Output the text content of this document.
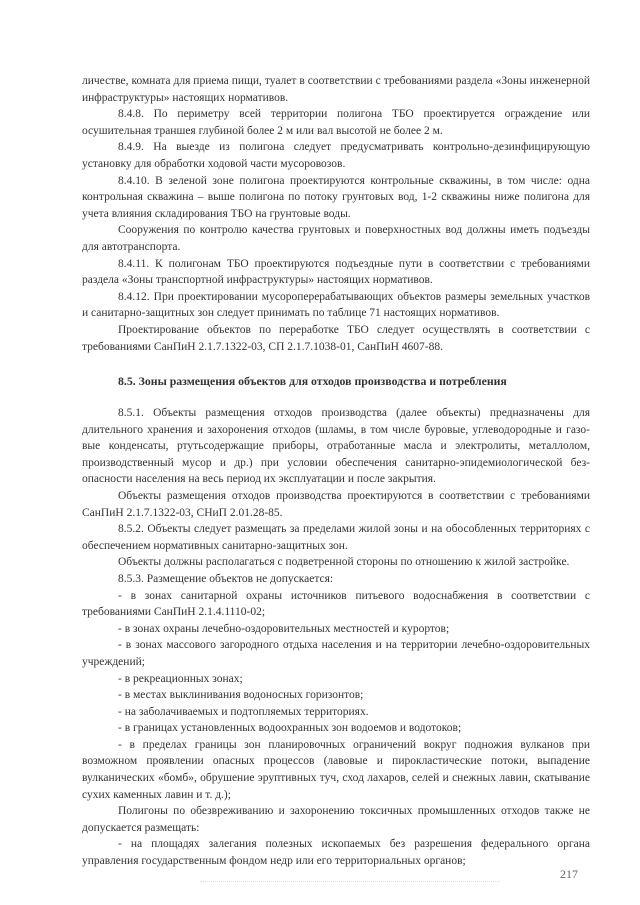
личестве, комната для приема пищи, туалет в соответствии с требованиями раздела «Зоны инженерной инфраструктуры» настоящих нормативов.

8.4.8. По периметру всей территории полигона ТБО проектируется ограждение или осушительная траншея глубиной более 2 м или вал высотой не более 2 м.

8.4.9. На выезде из полигона следует предусматривать контрольно-дезинфицирующую установку для обработки ходовой части мусоровозов.

8.4.10. В зеленой зоне полигона проектируются контрольные скважины, в том числе: одна контрольная скважина – выше полигона по потоку грунтовых вод, 1-2 скважины ниже полигона для учета влияния складирования ТБО на грунтовые воды.

Сооружения по контролю качества грунтовых и поверхностных вод должны иметь подъезды для автотранспорта.

8.4.11. К полигонам ТБО проектируются подъездные пути в соответствии с требованиями раздела «Зоны транспортной инфраструктуры» настоящих нормативов.

8.4.12. При проектировании мусороперерабатывающих объектов размеры земельных участков и санитарно-защитных зон следует принимать по таблице 71 настоящих нормативов.

Проектирование объектов по переработке ТБО следует осуществлять в соответствии с требованиями СанПиН 2.1.7.1322-03, СП 2.1.7.1038-01, СанПиН 4607-88.

8.5. Зоны размещения объектов для отходов производства и потребления

8.5.1. Объекты размещения отходов производства (далее объекты) предназначены для длительного хранения и захоронения отходов (шламы, в том числе буровые, углеводородные и газо-вые конденсаты, ртутьсодержащие приборы, отработанные масла и электролиты, металлолом, производственный мусор и др.) при условии обеспечения санитарно-эпидемиологической без-опасности населения на весь период их эксплуатации и после закрытия.

Объекты размещения отходов производства проектируются в соответствии с требованиями СанПиН 2.1.7.1322-03, СНиП 2.01.28-85.

8.5.2. Объекты следует размещать за пределами жилой зоны и на обособленных территориях с обеспечением нормативных санитарно-защитных зон.

Объекты должны располагаться с подветренной стороны по отношению к жилой застройке.

8.5.3. Размещение объектов не допускается:

- в зонах санитарной охраны источников питьевого водоснабжения в соответствии с требованиями СанПиН 2.1.4.1110-02;

- в зонах охраны лечебно-оздоровительных местностей и курортов;

- в зонах массового загородного отдыха населения и на территории лечебно-оздоровительных учреждений;

- в рекреационных зонах;

- в местах выклинивания водоносных горизонтов;

- на заболачиваемых и подтопляемых территориях.

- в границах установленных водоохранных зон водоемов и водотоков;

- в пределах границы зон планировочных ограничений вокруг подножия вулканов при возможном проявлении опасных процессов (лавовые и пирокластические потоки, выпадение вулканических «бомб», обрушение эруптивных туч, сход лахаров, селей и снежных лавин, скатывание сухих каменных лавин и т. д.);

Полигоны по обезвреживанию и захоронению токсичных промышленных отходов также не допускается размещать:

- на площадях залегания полезных ископаемых без разрешения федерального органа управления государственным фондом недр или его территориальных органов;

217
